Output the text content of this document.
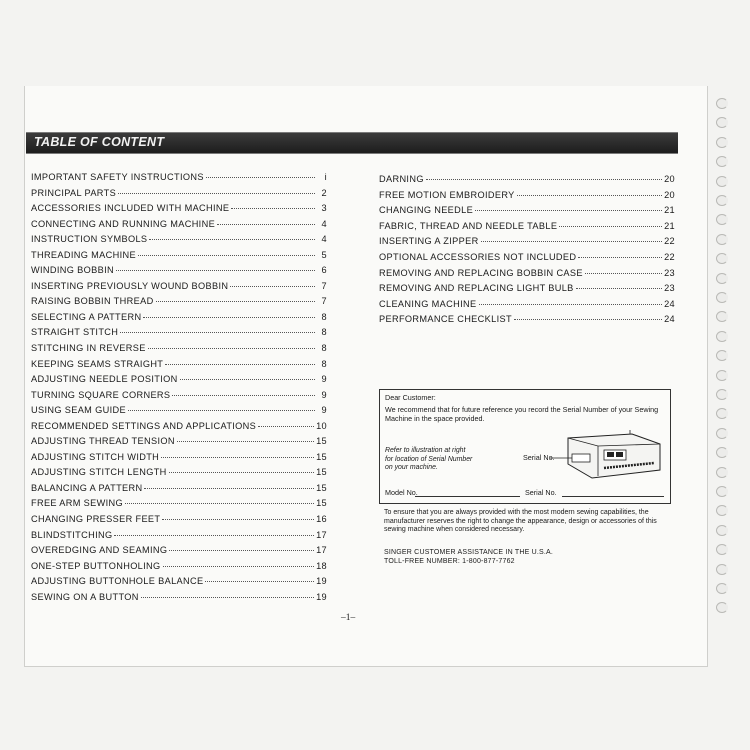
TABLE OF CONTENT
IMPORTANT SAFETY INSTRUCTIONS	i
PRINCIPAL PARTS	2
ACCESSORIES INCLUDED WITH MACHINE	3
CONNECTING AND RUNNING MACHINE	4
INSTRUCTION SYMBOLS	4
THREADING MACHINE	5
WINDING BOBBIN	6
INSERTING PREVIOUSLY WOUND BOBBIN	7
RAISING BOBBIN THREAD	7
SELECTING A PATTERN	8
STRAIGHT STITCH	8
STITCHING IN REVERSE	8
KEEPING SEAMS STRAIGHT	8
ADJUSTING NEEDLE POSITION	9
TURNING SQUARE CORNERS	9
USING SEAM GUIDE	9
RECOMMENDED SETTINGS AND APPLICATIONS	10
ADJUSTING THREAD TENSION	15
ADJUSTING STITCH WIDTH	15
ADJUSTING STITCH LENGTH	15
BALANCING A PATTERN	15
FREE ARM SEWING	15
CHANGING PRESSER FEET	16
BLINDSTITCHING	17
OVEREDGING AND SEAMING	17
ONE-STEP BUTTONHOLING	18
ADJUSTING BUTTONHOLE BALANCE	19
SEWING ON A BUTTON	19
DARNING	20
FREE MOTION EMBROIDERY	20
CHANGING NEEDLE	21
FABRIC, THREAD AND NEEDLE TABLE	21
INSERTING A ZIPPER	22
OPTIONAL ACCESSORIES NOT INCLUDED	22
REMOVING AND REPLACING BOBBIN CASE	23
REMOVING AND REPLACING LIGHT BULB	23
CLEANING MACHINE	24
PERFORMANCE CHECKLIST	24
Dear Customer:
We recommend that for future reference you record the Serial Number of your Sewing Machine in the space provided.
Refer to illustration at right for location of Serial Number on your machine.
Serial No.
Model No.	Serial No.

To ensure that you are always provided with the most modern sewing capabilities, the manufacturer reserves the right to change the appearance, design or accessories of this sewing machine when considered necessary.

SINGER CUSTOMER ASSISTANCE IN THE U.S.A.
TOLL-FREE NUMBER: 1-800-877-7762
–1–
